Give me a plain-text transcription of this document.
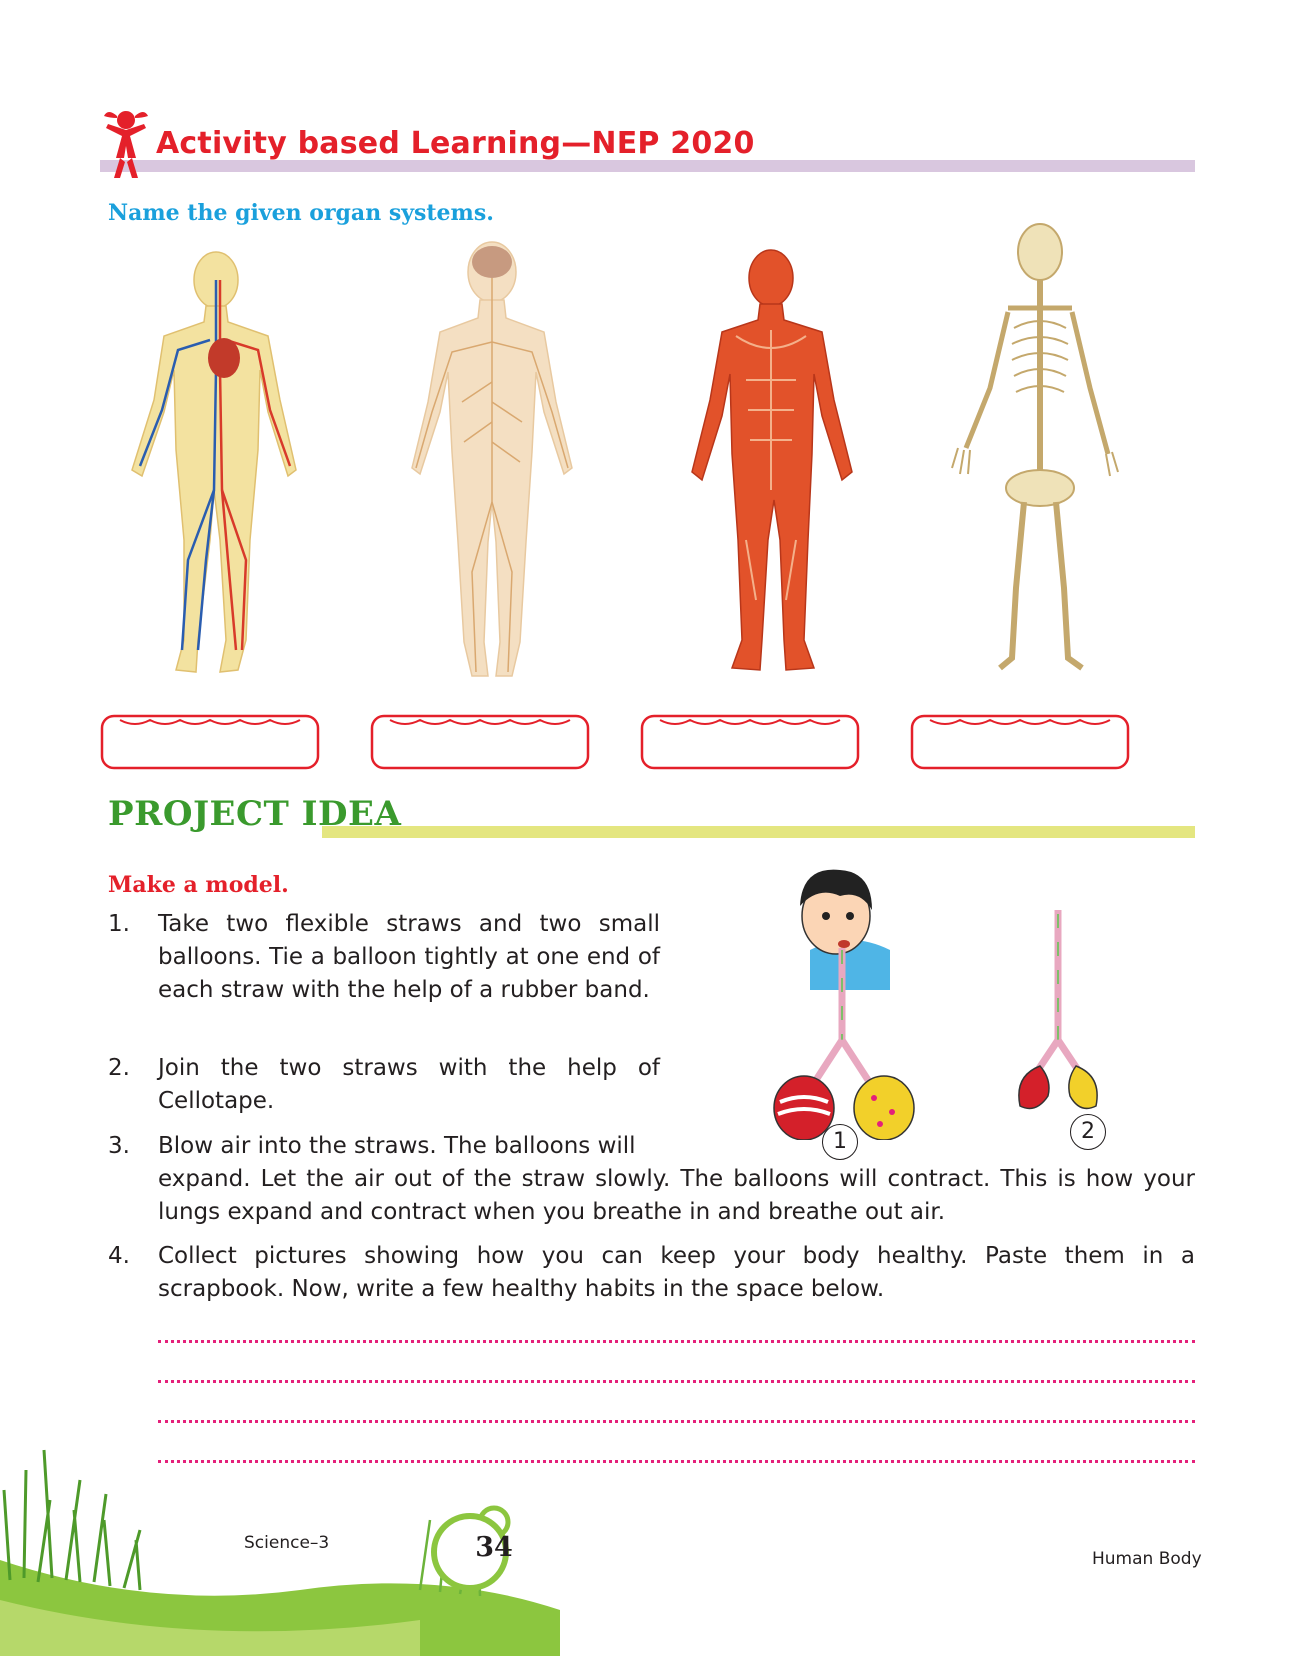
Activity based Learning—NEP 2020
Name the given organ systems.
PROJECT IDEA
Make a model.
1. Take two flexible straws and two small balloons. Tie a balloon tightly at one end of each straw with the help of a rubber band.
2. Join the two straws with the help of Cellotape.
3. Blow air into the straws. The balloons will
expand. Let the air out of the straw slowly. The balloons will contract. This is how your lungs expand and contract when you breathe in and breathe out air.
4. Collect pictures showing how you can keep your body healthy. Paste them in a scrapbook. Now, write a few healthy habits in the space below.
1	2
34
Science–3
Human Body
